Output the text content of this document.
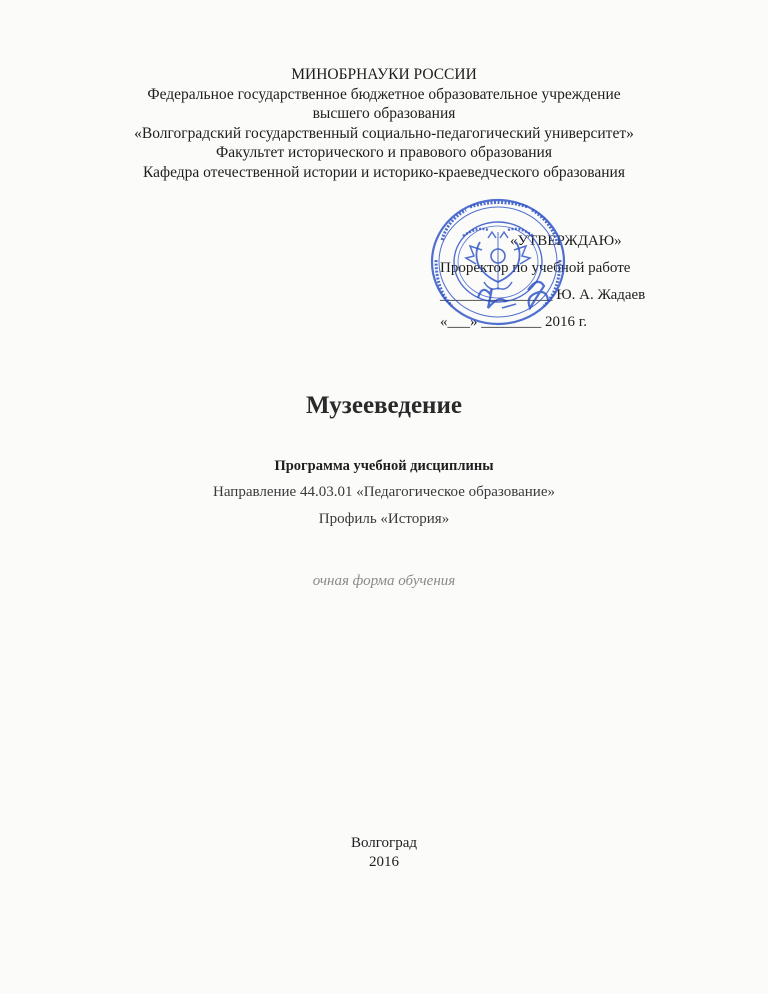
МИНОБРНАУКИ РОССИИ
Федеральное государственное бюджетное образовательное учреждение
высшего образования
«Волгоградский государственный социально-педагогический университет»
Факультет исторического и правового образования
Кафедра отечественной истории и историко-краеведческого образования
«УТВЕРЖДАЮ»
Проректор по учебной работе
_______________ Ю. А. Жадаев
«___» ________ 2016 г.
Музееведение
Программа учебной дисциплины
Направление 44.03.01 «Педагогическое образование»
Профиль «История»
очная форма обучения
Волгоград
2016
